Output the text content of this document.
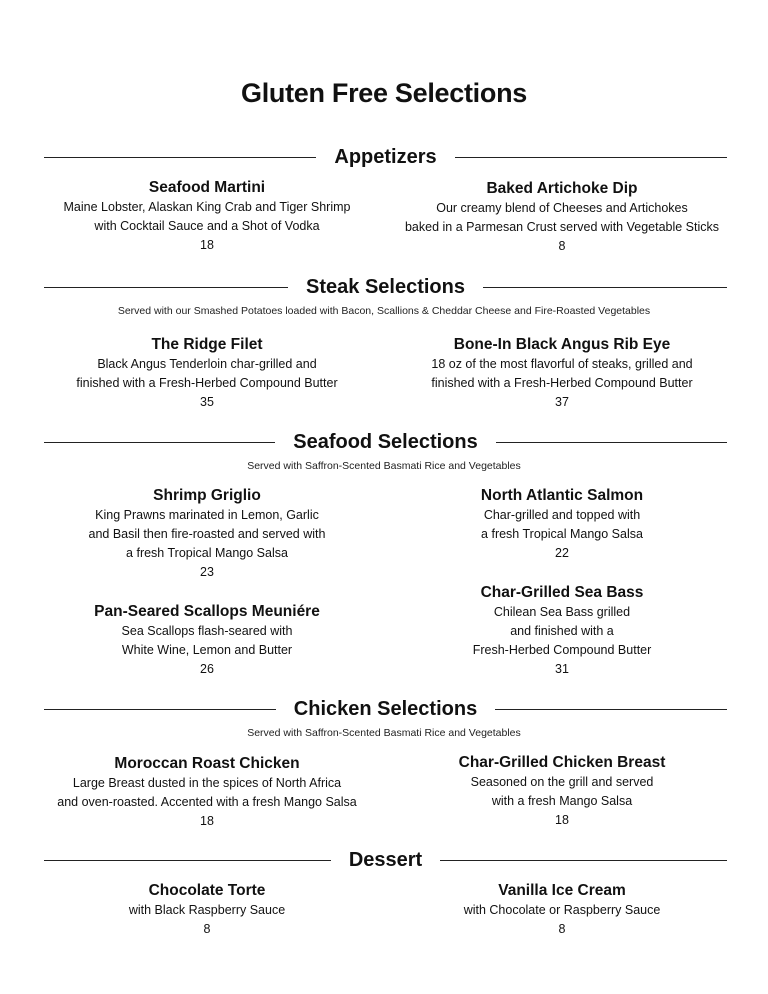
Gluten Free Selections
Appetizers
Seafood Martini
Maine Lobster, Alaskan King Crab and Tiger Shrimp
with Cocktail Sauce and a Shot of Vodka
18
Baked Artichoke Dip
Our creamy blend of Cheeses and Artichokes
baked in a Parmesan Crust served with Vegetable Sticks
8
Steak Selections
Served with our Smashed Potatoes loaded with Bacon, Scallions & Cheddar Cheese and Fire-Roasted Vegetables
The Ridge Filet
Black Angus Tenderloin char-grilled and
finished with a Fresh-Herbed Compound Butter
35
Bone-In Black Angus Rib Eye
18 oz of the most flavorful of steaks, grilled and
finished with a Fresh-Herbed Compound Butter
37
Seafood Selections
Served with Saffron-Scented Basmati Rice and Vegetables
Shrimp Griglio
King Prawns marinated in Lemon, Garlic
and Basil then fire-roasted and served with
a fresh Tropical Mango Salsa
23
North Atlantic Salmon
Char-grilled and topped with
a fresh Tropical Mango Salsa
22
Pan-Seared Scallops Meuniére
Sea Scallops flash-seared with
White Wine, Lemon and Butter
26
Char-Grilled Sea Bass
Chilean Sea Bass grilled
and finished with a
Fresh-Herbed Compound Butter
31
Chicken Selections
Served with Saffron-Scented Basmati Rice and Vegetables
Moroccan Roast Chicken
Large Breast dusted in the spices of North Africa
and oven-roasted. Accented with a fresh Mango Salsa
18
Char-Grilled Chicken Breast
Seasoned on the grill and served
with a fresh Mango Salsa
18
Dessert
Chocolate Torte
with Black Raspberry Sauce
8
Vanilla Ice Cream
with Chocolate or Raspberry Sauce
8
